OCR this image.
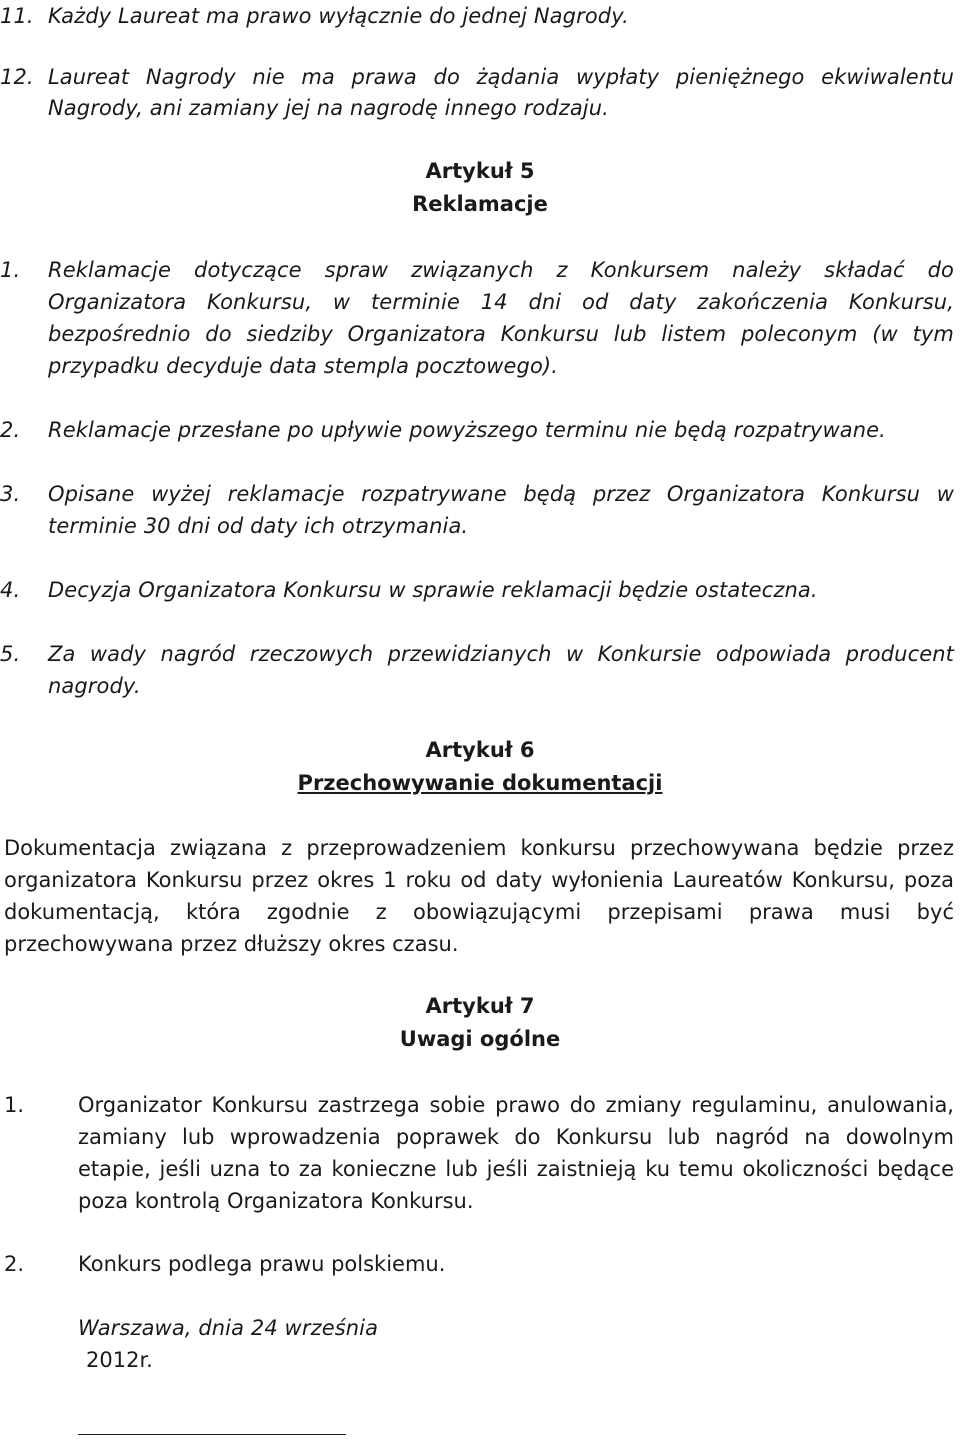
11. Każdy Laureat ma prawo wyłącznie do jednej Nagrody.
12. Laureat Nagrody nie ma prawa do żądania wypłaty pieniężnego ekwiwalentu
Nagrody, ani zamiany jej na nagrodę innego rodzaju.
Artykuł 5
Reklamacje
1. Reklamacje dotyczące spraw związanych z Konkursem należy składać do
Organizatora Konkursu, w terminie 14 dni od daty zakończenia Konkursu,
bezpośrednio do siedziby Organizatora Konkursu lub listem poleconym (w tym
przypadku decyduje data stempla pocztowego).
2. Reklamacje przesłane po upływie powyższego terminu nie będą rozpatrywane.
3. Opisane wyżej reklamacje rozpatrywane będą przez Organizatora Konkursu w
terminie 30 dni od daty ich otrzymania.
4. Decyzja Organizatora Konkursu w sprawie reklamacji będzie ostateczna.
5. Za wady nagród rzeczowych przewidzianych w Konkursie odpowiada producent
nagrody.
Artykuł 6
Przechowywanie dokumentacji
Dokumentacja związana z przeprowadzeniem konkursu przechowywana będzie przez
organizatora Konkursu przez okres 1 roku od daty wyłonienia Laureatów Konkursu, poza
dokumentacją, która zgodnie z obowiązującymi przepisami prawa musi być
przechowywana przez dłuższy okres czasu.
Artykuł 7
Uwagi ogólne
1.	Organizator Konkursu zastrzega sobie prawo do zmiany regulaminu, anulowania,
zamiany lub wprowadzenia poprawek do Konkursu lub nagród na dowolnym
etapie, jeśli uzna to za konieczne lub jeśli zaistnieją ku temu okoliczności będące
poza kontrolą Organizatora Konkursu.
2.	Konkurs podlega prawu polskiemu.
Warszawa, dnia 24 września
2012r.
